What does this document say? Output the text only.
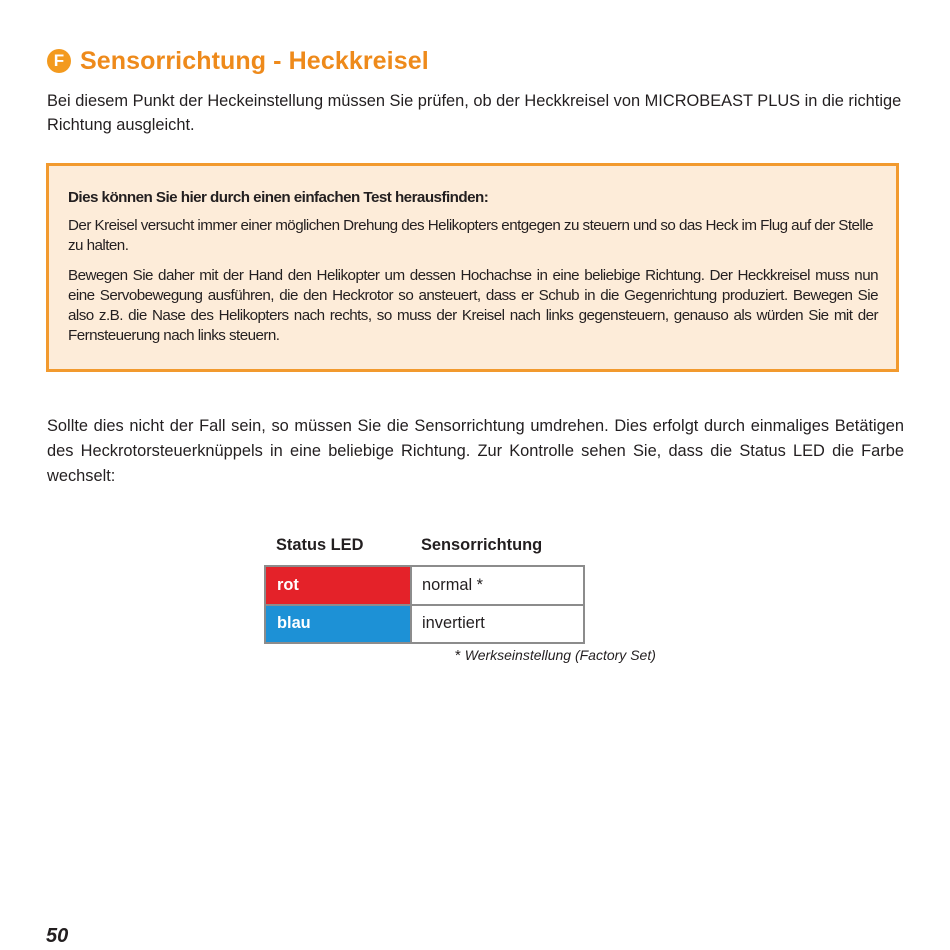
F Sensorrichtung - Heckkreisel

Bei diesem Punkt der Heckeinstellung müssen Sie prüfen, ob der Heckkreisel von MICROBEAST PLUS in die richtige Richtung ausgleicht.

Dies können Sie hier durch einen einfachen Test herausfinden:

Der Kreisel versucht immer einer möglichen Drehung des Helikopters entgegen zu steuern und so das Heck im Flug auf der Stelle zu halten.

Bewegen Sie daher mit der Hand den Helikopter um dessen Hochachse in eine beliebige Richtung. Der Heckkreisel muss nun eine Servobewegung ausführen, die den Heckrotor so ansteuert, dass er Schub in die Gegenrichtung produziert. Bewegen Sie also z.B. die Nase des Helikopters nach rechts, so muss der Kreisel nach links gegensteuern, genauso als würden Sie mit der Fernsteuerung nach links steuern.

Sollte dies nicht der Fall sein, so müssen Sie die Sensorrichtung umdrehen. Dies erfolgt durch einmaliges Betätigen des Heckrotorsteuerknüppels in eine beliebige Richtung. Zur Kontrolle sehen Sie, dass die Status LED die Farbe wechselt:

Status LED	Sensorrichtung
rot	normal *
blau	invertiert
* Werkseinstellung (Factory Set)
50
